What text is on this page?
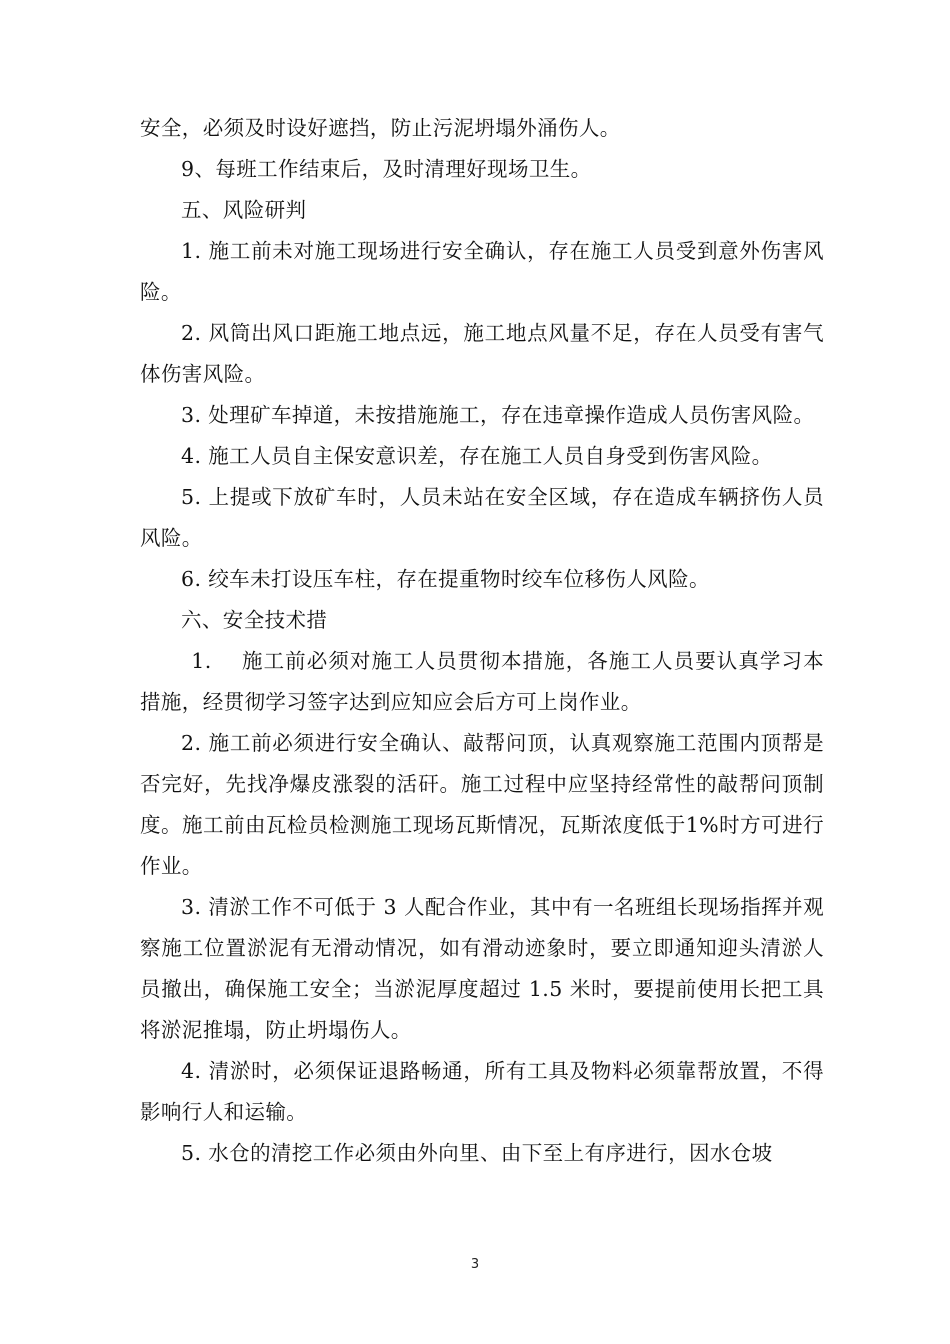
安全，必须及时设好遮挡，防止污泥坍塌外涌伤人。

9、每班工作结束后，及时清理好现场卫生。

五、风险研判

1. 施工前未对施工现场进行安全确认，存在施工人员受到意外伤害风险。

2. 风筒出风口距施工地点远，施工地点风量不足，存在人员受有害气体伤害风险。

3. 处理矿车掉道，未按措施施工，存在违章操作造成人员伤害风险。

4. 施工人员自主保安意识差，存在施工人员自身受到伤害风险。

5. 上提或下放矿车时，人员未站在安全区域，存在造成车辆挤伤人员风险。

6. 绞车未打设压车柱，存在提重物时绞车位移伤人风险。

六、安全技术措

1.    施工前必须对施工人员贯彻本措施，各施工人员要认真学习本措施，经贯彻学习签字达到应知应会后方可上岗作业。

2. 施工前必须进行安全确认、敲帮问顶，认真观察施工范围内顶帮是否完好，先找净爆皮涨裂的活矸。施工过程中应坚持经常性的敲帮问顶制度。施工前由瓦检员检测施工现场瓦斯情况，瓦斯浓度低于1%时方可进行作业。

3. 清淤工作不可低于 3 人配合作业，其中有一名班组长现场指挥并观察施工位置淤泥有无滑动情况，如有滑动迹象时，要立即通知迎头清淤人员撤出，确保施工安全；当淤泥厚度超过 1.5 米时，要提前使用长把工具将淤泥推塌，防止坍塌伤人。

4. 清淤时，必须保证退路畅通，所有工具及物料必须靠帮放置，不得影响行人和运输。

5. 水仓的清挖工作必须由外向里、由下至上有序进行，因水仓坡

3
